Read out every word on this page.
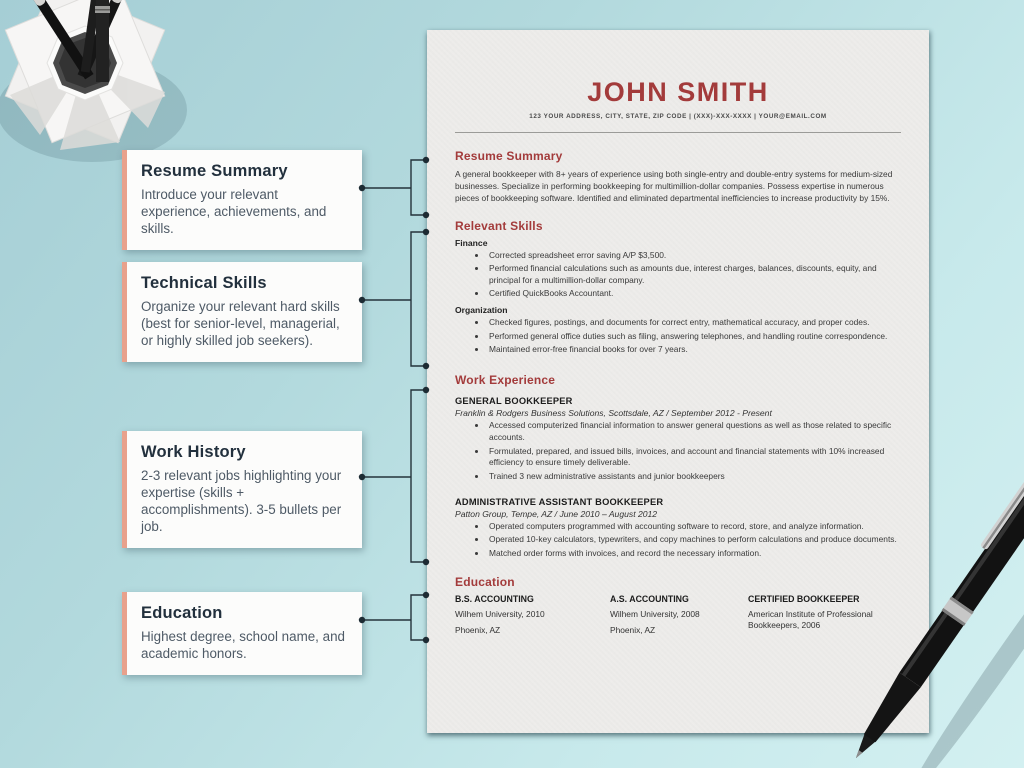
Resume Summary

Introduce your relevant experience, achievements, and skills.

Technical Skills

Organize your relevant hard skills (best for senior-level, managerial, or highly skilled job seekers).

Work History

2-3 relevant jobs highlighting your expertise (skills + accomplishments). 3-5 bullets per job.

Education

Highest degree, school name, and academic honors.

JOHN SMITH
123 YOUR ADDRESS, CITY, STATE, ZIP CODE | (XXX)-XXX-XXXX | YOUR@EMAIL.COM
Resume Summary

A general bookkeeper with 8+ years of experience using both single-entry and double-entry systems for medium-sized businesses. Specialize in performing bookkeeping for multimillion-dollar companies. Possess expertise in numerous pieces of bookkeeping software. Identified and eliminated departmental inefficiencies to increase productivity by 15%.

Relevant Skills
Finance
• Corrected spreadsheet error saving A/P $3,500.
• Performed financial calculations such as amounts due, interest charges, balances, discounts, equity, and principal for a multimillion-dollar company.
• Certified QuickBooks Accountant.
Organization
• Checked figures, postings, and documents for correct entry, mathematical accuracy, and proper codes.
• Performed general office duties such as filing, answering telephones, and handling routine correspondence.
• Maintained error-free financial books for over 7 years.
Work Experience
GENERAL BOOKKEEPER
Franklin & Rodgers Business Solutions, Scottsdale, AZ / September 2012 - Present
• Accessed computerized financial information to answer general questions as well as those related to specific accounts.
• Formulated, prepared, and issued bills, invoices, and account and financial statements with 10% increased efficiency to ensure timely deliverable.
• Trained 3 new administrative assistants and junior bookkeepers
ADMINISTRATIVE ASSISTANT BOOKKEEPER
Patton Group, Tempe, AZ / June 2010 – August 2012
• Operated computers programmed with accounting software to record, store, and analyze information.
• Operated 10-key calculators, typewriters, and copy machines to perform calculations and produce documents.
• Matched order forms with invoices, and record the necessary information.
Education
B.S. ACCOUNTING
Wilhem University, 2010
Phoenix, AZ
A.S. ACCOUNTING
Wilhem University, 2008
Phoenix, AZ
CERTIFIED BOOKKEEPER
American Institute of Professional Bookkeepers, 2006
